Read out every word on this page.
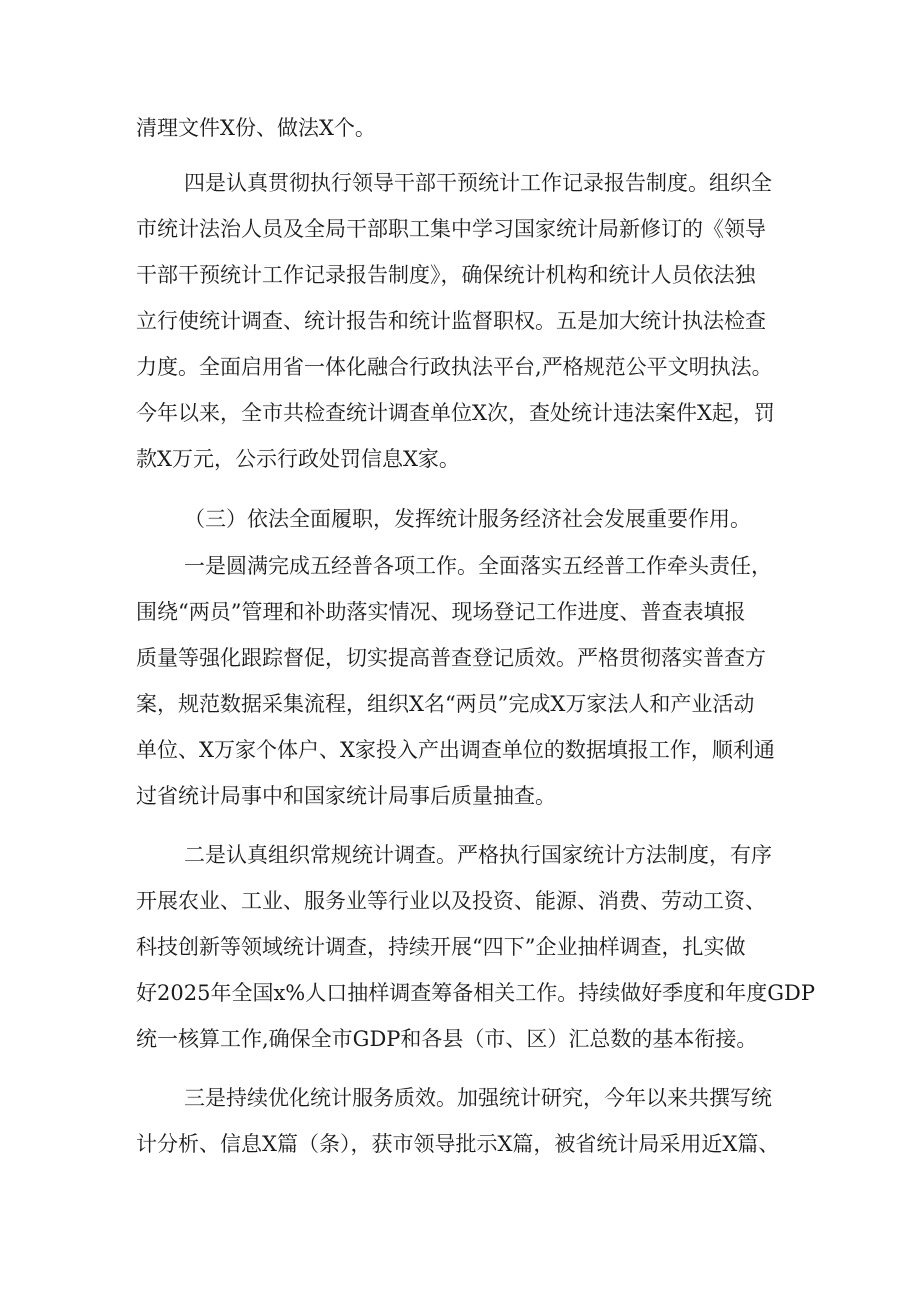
清理文件X份、做法X个。
四是认真贯彻执行领导干部干预统计工作记录报告制度。组织全
市统计法治人员及全局干部职工集中学习国家统计局新修订的《领导
干部干预统计工作记录报告制度》，确保统计机构和统计人员依法独
立行使统计调查、统计报告和统计监督职权。五是加大统计执法检查
力度。全面启用省一体化融合行政执法平台,严格规范公平文明执法。
今年以来，全市共检查统计调查单位X次，查处统计违法案件X起，罚
款X万元，公示行政处罚信息X家。
（三）依法全面履职，发挥统计服务经济社会发展重要作用。
一是圆满完成五经普各项工作。全面落实五经普工作牵头责任，
围绕“两员”管理和补助落实情况、现场登记工作进度、普查表填报
质量等强化跟踪督促，切实提高普查登记质效。严格贯彻落实普查方
案，规范数据采集流程，组织X名“两员”完成X万家法人和产业活动
单位、X万家个体户、X家投入产出调查单位的数据填报工作，顺利通
过省统计局事中和国家统计局事后质量抽查。
二是认真组织常规统计调查。严格执行国家统计方法制度，有序
开展农业、工业、服务业等行业以及投资、能源、消费、劳动工资、
科技创新等领域统计调查，持续开展“四下”企业抽样调查，扎实做
好2025年全国x%人口抽样调查筹备相关工作。持续做好季度和年度GDP
统一核算工作,确保全市GDP和各县（市、区）汇总数的基本衔接。
三是持续优化统计服务质效。加强统计研究，今年以来共撰写统
计分析、信息X篇（条），获市领导批示X篇，被省统计局采用近X篇、
